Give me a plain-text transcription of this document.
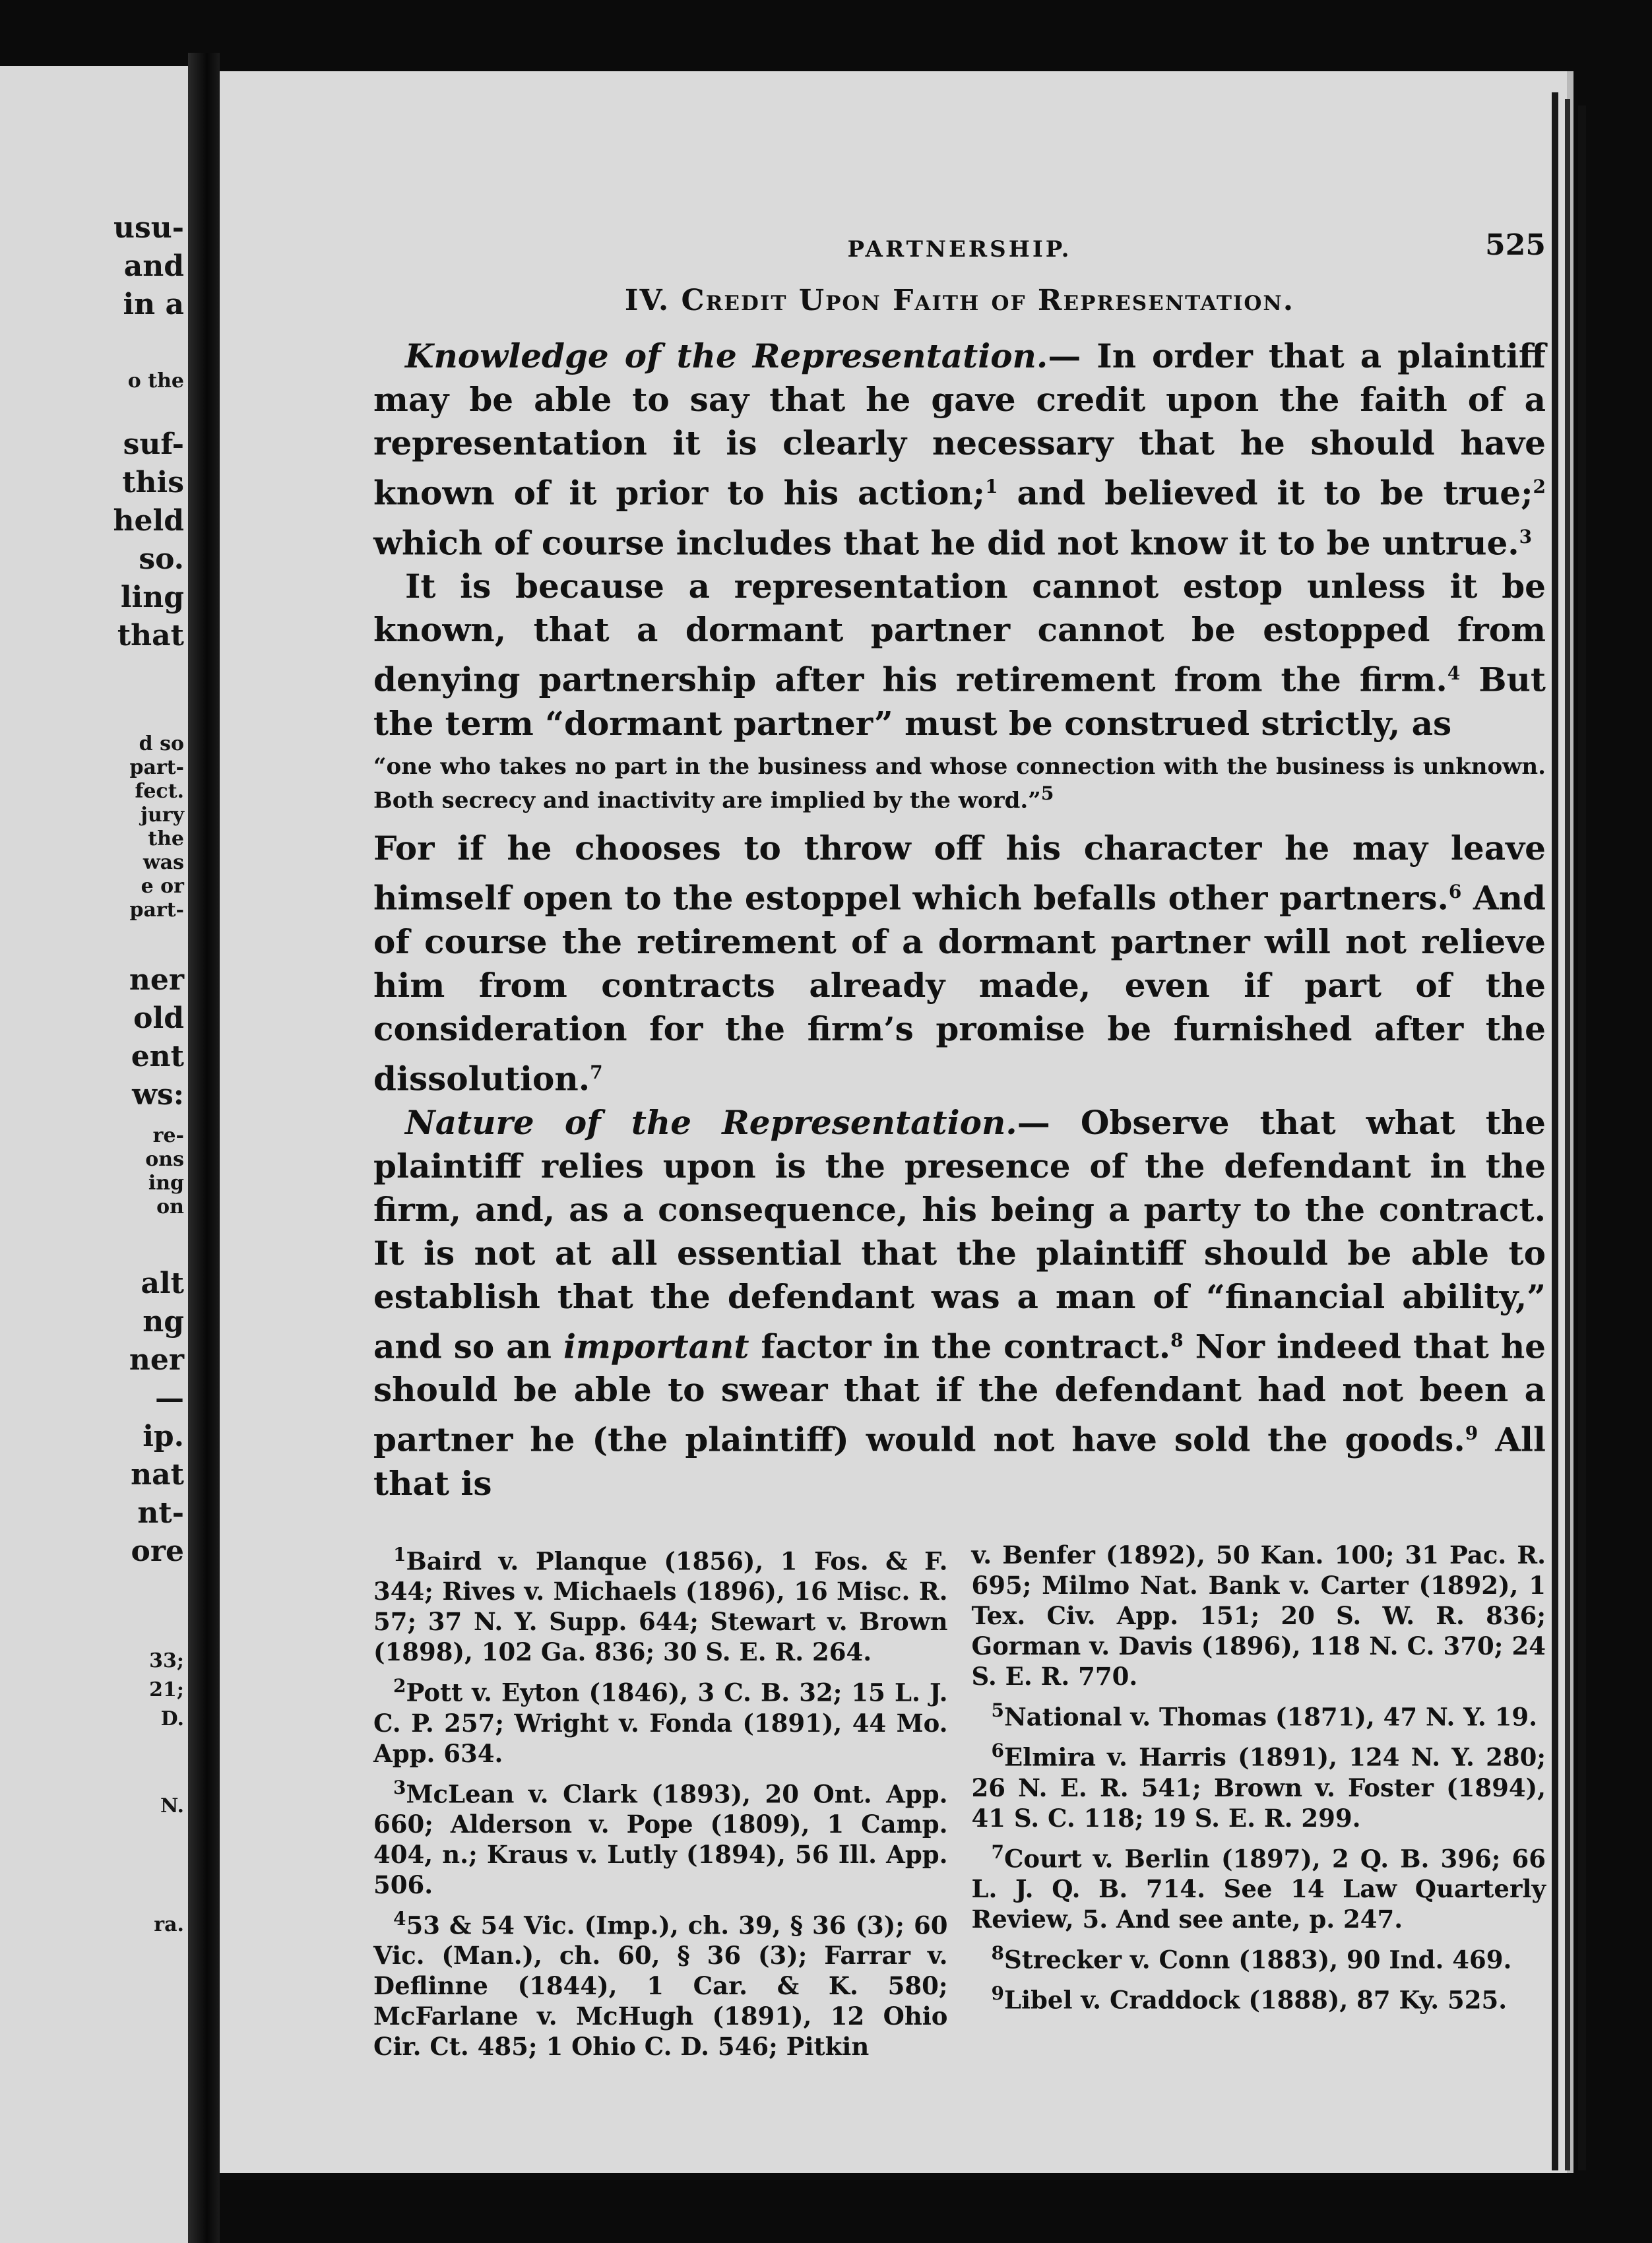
usu-
and
in a
o the
suf-
this
held
so.
ling
that
d so
part-
fect.
jury
the
was
e or
part-
ner
old
ent
ws:
re-
ons
ing
on
alt
ng
ner
—
ip.
nat
nt-
ore
33;
21;
D.
N.
ra.
PARTNERSHIP.	525
IV. Credit Upon Faith of Representation.

Knowledge of the Representation.— In order that a plaintiff may be able to say that he gave credit upon the faith of a representation it is clearly necessary that he should have known of it prior to his action;$^1$ and believed it to be true;$^2$ which of course includes that he did not know it to be untrue.$^3$

It is because a representation cannot estop unless it be known, that a dormant partner cannot be estopped from denying partnership after his retirement from the firm.$^4$ But the term “dormant partner” must be construed strictly, as

“one who takes no part in the business and whose connection with the business is unknown. Both secrecy and inactivity are implied by the word.”$^5$

For if he chooses to throw off his character he may leave himself open to the estoppel which befalls other partners.$^6$ And of course the retirement of a dormant partner will not relieve him from contracts already made, even if part of the consideration for the firm’s promise be furnished after the dissolution.$^7$

Nature of the Representation.— Observe that what the plaintiff relies upon is the presence of the defendant in the firm, and, as a consequence, his being a party to the contract. It is not at all essential that the plaintiff should be able to establish that the defendant was a man of “financial ability,” and so an important factor in the contract.$^8$ Nor indeed that he should be able to swear that if the defendant had not been a partner he (the plaintiff) would not have sold the goods.$^9$ All that is

$^1$Baird v. Planque (1856), 1 Fos. & F. 344; Rives v. Michaels (1896), 16 Misc. R. 57; 37 N. Y. Supp. 644; Stewart v. Brown (1898), 102 Ga. 836; 30 S. E. R. 264.

$^2$Pott v. Eyton (1846), 3 C. B. 32; 15 L. J. C. P. 257; Wright v. Fonda (1891), 44 Mo. App. 634.

$^3$McLean v. Clark (1893), 20 Ont. App. 660; Alderson v. Pope (1809), 1 Camp. 404, n.; Kraus v. Lutly (1894), 56 Ill. App. 506.

$^4$53 & 54 Vic. (Imp.), ch. 39, § 36 (3); 60 Vic. (Man.), ch. 60, § 36 (3); Farrar v. Deflinne (1844), 1 Car. & K. 580; McFarlane v. McHugh (1891), 12 Ohio Cir. Ct. 485; 1 Ohio C. D. 546; Pitkin

v. Benfer (1892), 50 Kan. 100; 31 Pac. R. 695; Milmo Nat. Bank v. Carter (1892), 1 Tex. Civ. App. 151; 20 S. W. R. 836; Gorman v. Davis (1896), 118 N. C. 370; 24 S. E. R. 770.

$^5$National v. Thomas (1871), 47 N. Y. 19.

$^6$Elmira v. Harris (1891), 124 N. Y. 280; 26 N. E. R. 541; Brown v. Foster (1894), 41 S. C. 118; 19 S. E. R. 299.

$^7$Court v. Berlin (1897), 2 Q. B. 396; 66 L. J. Q. B. 714. See 14 Law Quarterly Review, 5. And see ante, p. 247.

$^8$Strecker v. Conn (1883), 90 Ind. 469.

$^9$Libel v. Craddock (1888), 87 Ky. 525.
